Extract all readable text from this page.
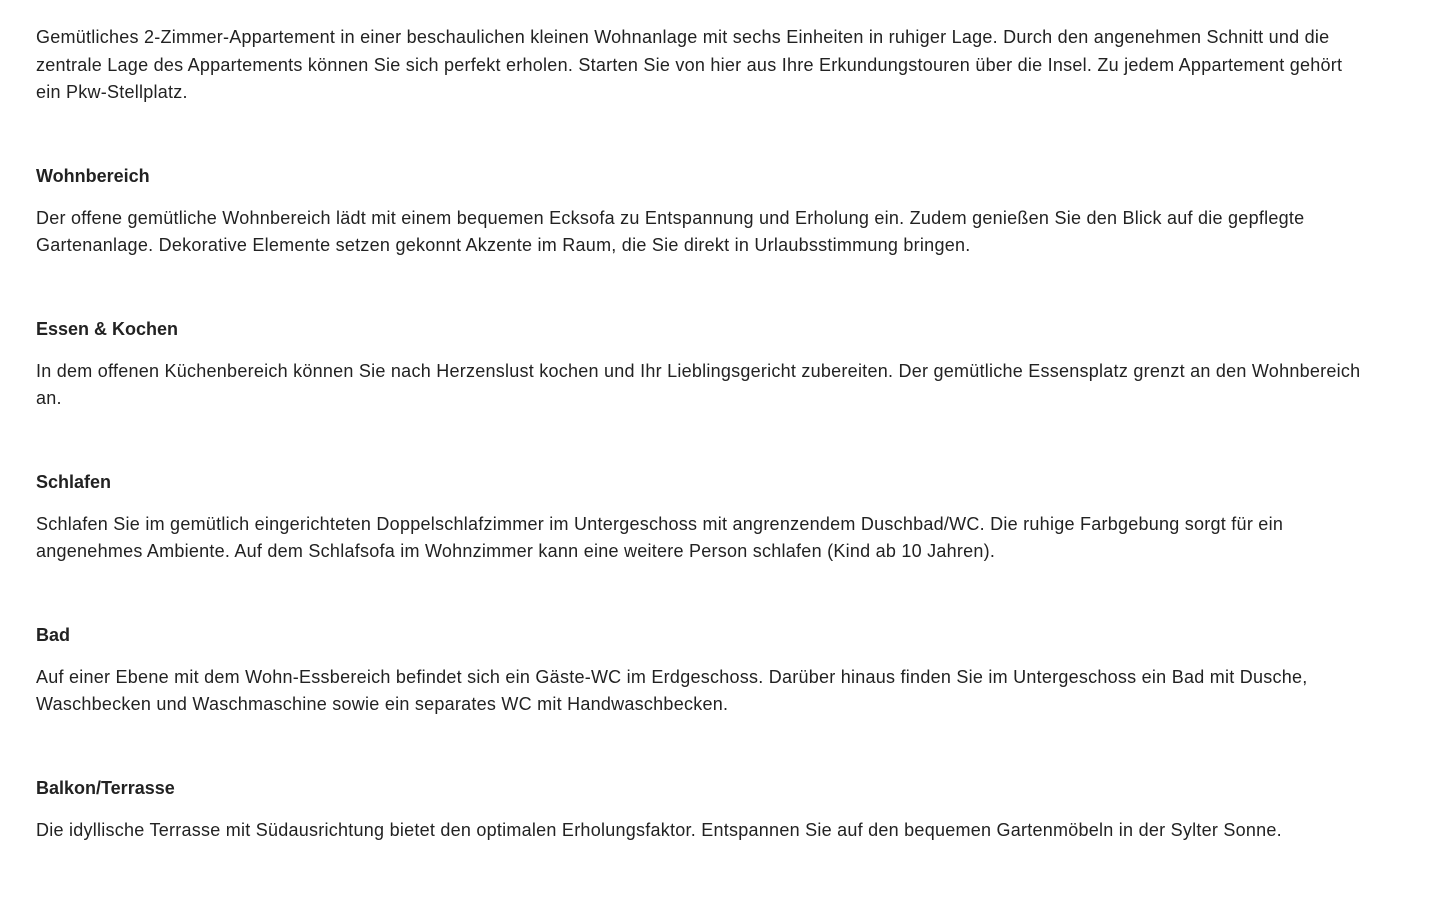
Gemütliches 2-Zimmer-Appartement in einer beschaulichen kleinen Wohnanlage mit sechs Einheiten in ruhiger Lage. Durch den angenehmen Schnitt und die
zentrale Lage des Appartements können Sie sich perfekt erholen. Starten Sie von hier aus Ihre Erkundungstouren über die Insel. Zu jedem Appartement gehört
ein Pkw-Stellplatz.
Wohnbereich
Der offene gemütliche Wohnbereich lädt mit einem bequemen Ecksofa zu Entspannung und Erholung ein. Zudem genießen Sie den Blick auf die gepflegte
Gartenanlage. Dekorative Elemente setzen gekonnt Akzente im Raum, die Sie direkt in Urlaubsstimmung bringen.
Essen & Kochen
In dem offenen Küchenbereich können Sie nach Herzenslust kochen und Ihr Lieblingsgericht zubereiten. Der gemütliche Essensplatz grenzt an den Wohnbereich
an.
Schlafen
Schlafen Sie im gemütlich eingerichteten Doppelschlafzimmer im Untergeschoss mit angrenzendem Duschbad/WC. Die ruhige Farbgebung sorgt für ein
angenehmes Ambiente. Auf dem Schlafsofa im Wohnzimmer kann eine weitere Person schlafen (Kind ab 10 Jahren).
Bad
Auf einer Ebene mit dem Wohn-Essbereich befindet sich ein Gäste-WC im Erdgeschoss. Darüber hinaus finden Sie im Untergeschoss ein Bad mit Dusche,
Waschbecken und Waschmaschine sowie ein separates WC mit Handwaschbecken.
Balkon/Terrasse
Die idyllische Terrasse mit Südausrichtung bietet den optimalen Erholungsfaktor. Entspannen Sie auf den bequemen Gartenmöbeln in der Sylter Sonne.
